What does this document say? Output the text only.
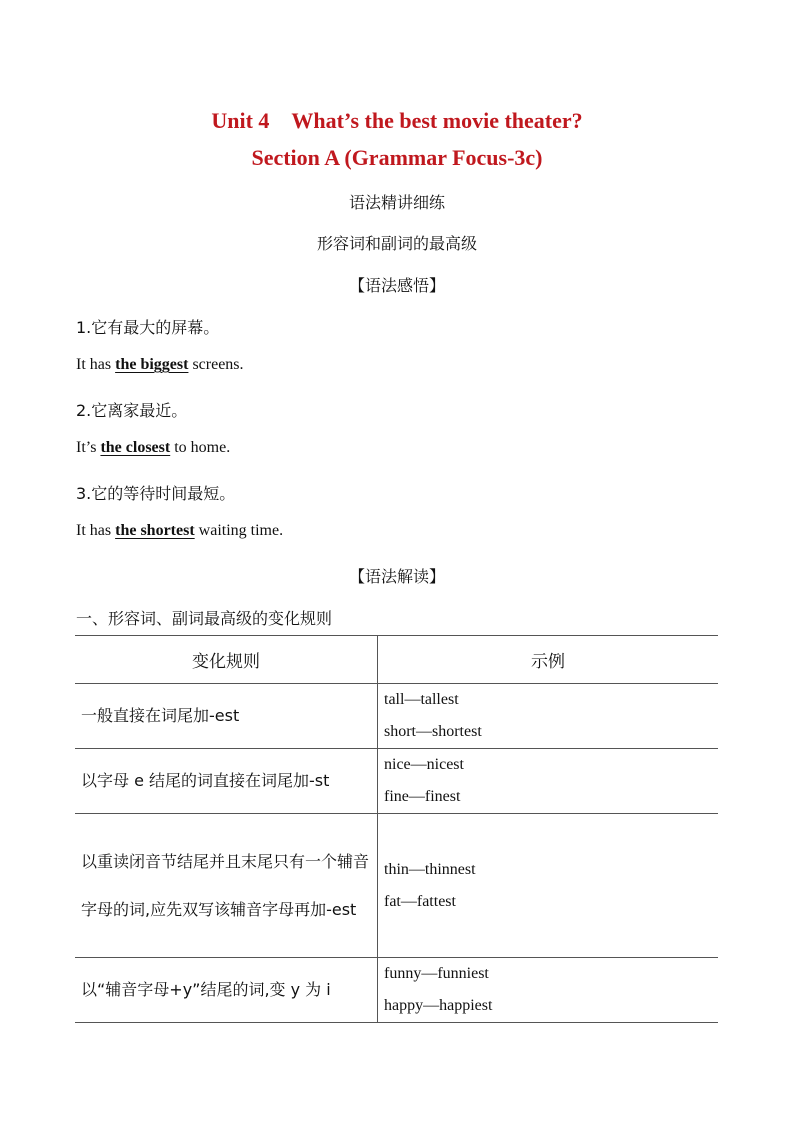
Unit 4　What’s the best movie theater?
Section A (Grammar Focus-3c)
语法精讲细练
形容词和副词的最高级
【语法感悟】
1.它有最大的屏幕。
It has the biggest screens.
2.它离家最近。
It’s the closest to home.
3.它的等待时间最短。
It has the shortest waiting time.
【语法解读】
一、形容词、副词最高级的变化规则
变化规则	示例
一般直接在词尾加-est	tall—tallest
short—shortest

以字母 e 结尾的词直接在词尾加-st	nice—nicest
fine—finest

以重读闭音节结尾并且末尾只有一个辅音字母的词,应先双写该辅音字母再加-est	thin—thinnest
fat—fattest

以“辅音字母+y”结尾的词,变 y 为 i	funny—funniest
happy—happiest
